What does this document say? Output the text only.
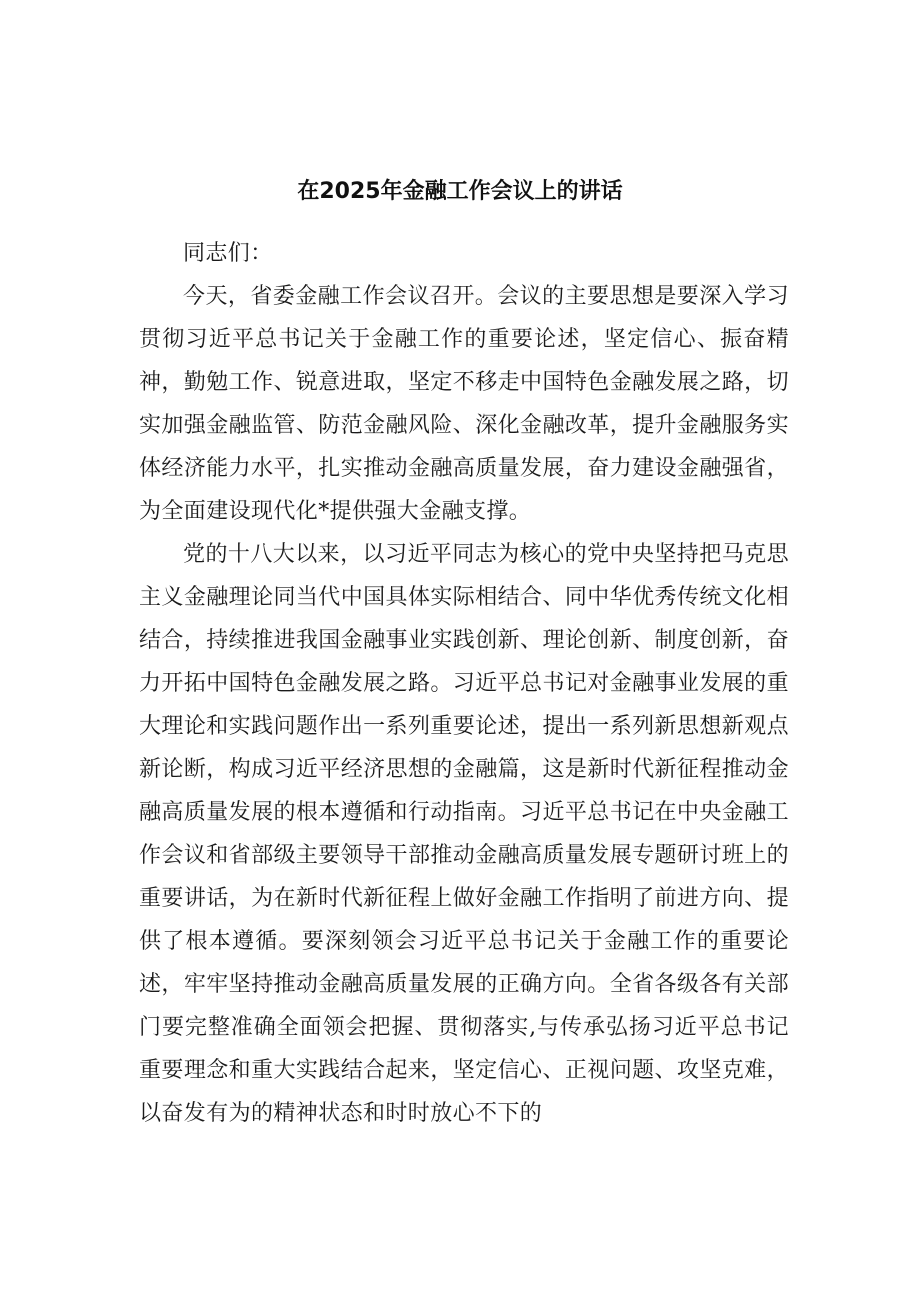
在2025年金融工作会议上的讲话

同志们：

今天，省委金融工作会议召开。会议的主要思想是要深入学习贯彻习近平总书记关于金融工作的重要论述，坚定信心、振奋精神，勤勉工作、锐意进取，坚定不移走中国特色金融发展之路，切实加强金融监管、防范金融风险、深化金融改革，提升金融服务实体经济能力水平，扎实推动金融高质量发展，奋力建设金融强省，为全面建设现代化*提供强大金融支撑。

党的十八大以来，以习近平同志为核心的党中央坚持把马克思主义金融理论同当代中国具体实际相结合、同中华优秀传统文化相结合，持续推进我国金融事业实践创新、理论创新、制度创新，奋力开拓中国特色金融发展之路。习近平总书记对金融事业发展的重大理论和实践问题作出一系列重要论述，提出一系列新思想新观点新论断，构成习近平经济思想的金融篇，这是新时代新征程推动金融高质量发展的根本遵循和行动指南。习近平总书记在中央金融工作会议和省部级主要领导干部推动金融高质量发展专题研讨班上的重要讲话，为在新时代新征程上做好金融工作指明了前进方向、提供了根本遵循。要深刻领会习近平总书记关于金融工作的重要论述，牢牢坚持推动金融高质量发展的正确方向。全省各级各有关部门要完整准确全面领会把握、贯彻落实,与传承弘扬习近平总书记重要理念和重大实践结合起来，坚定信心、正视问题、攻坚克难，以奋发有为的精神状态和时时放心不下的
